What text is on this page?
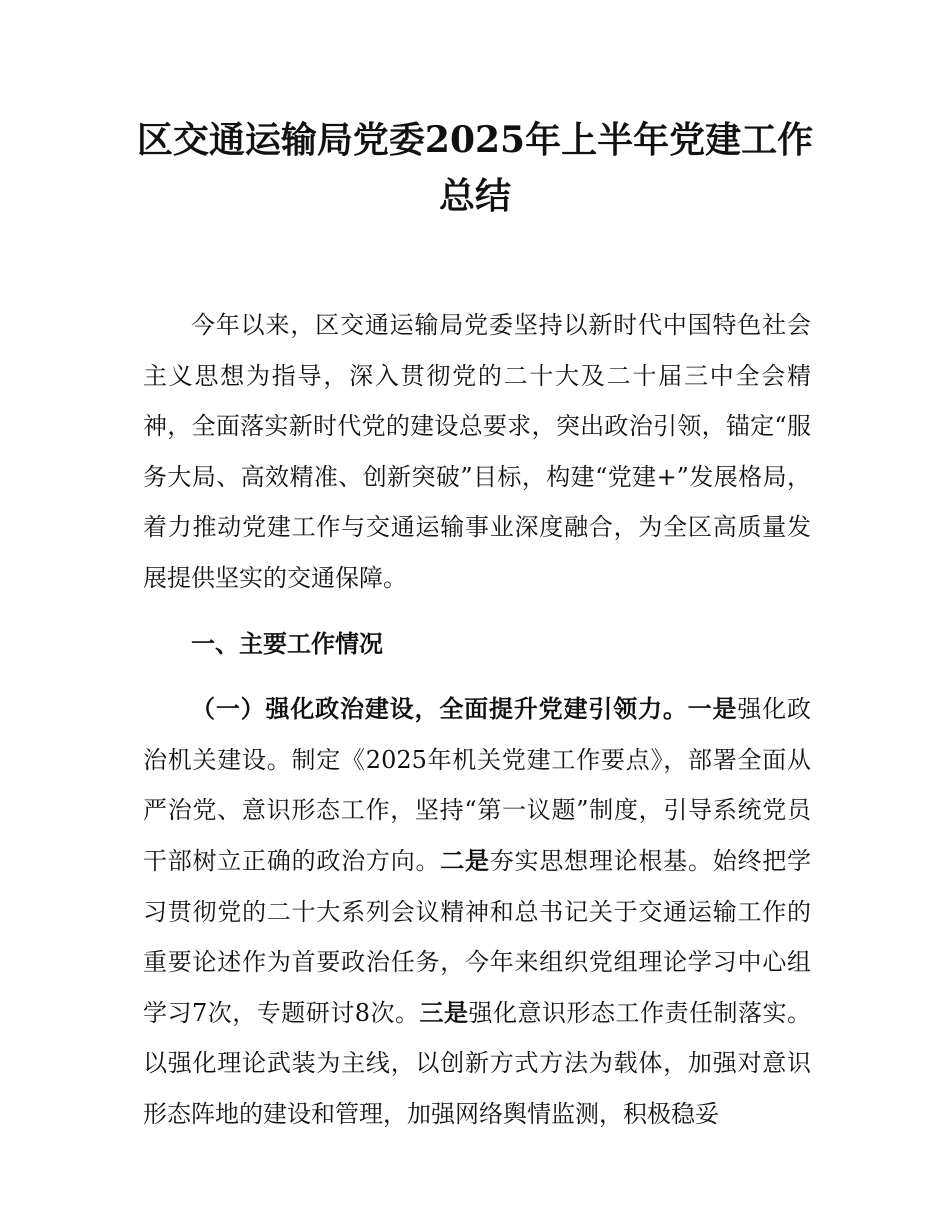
区交通运输局党委2025年上半年党建工作总结

今年以来，区交通运输局党委坚持以新时代中国特色社会主义思想为指导，深入贯彻党的二十大及二十届三中全会精神，全面落实新时代党的建设总要求，突出政治引领，锚定“服务大局、高效精准、创新突破”目标，构建“党建+”发展格局，着力推动党建工作与交通运输事业深度融合，为全区高质量发展提供坚实的交通保障。

一、主要工作情况

（一）强化政治建设，全面提升党建引领力。一是强化政治机关建设。制定《2025年机关党建工作要点》，部署全面从严治党、意识形态工作，坚持“第一议题”制度，引导系统党员干部树立正确的政治方向。二是夯实思想理论根基。始终把学习贯彻党的二十大系列会议精神和总书记关于交通运输工作的重要论述作为首要政治任务，今年来组织党组理论学习中心组学习7次，专题研讨8次。三是强化意识形态工作责任制落实。以强化理论武装为主线，以创新方式方法为载体，加强对意识形态阵地的建设和管理，加强网络舆情监测，积极稳妥
